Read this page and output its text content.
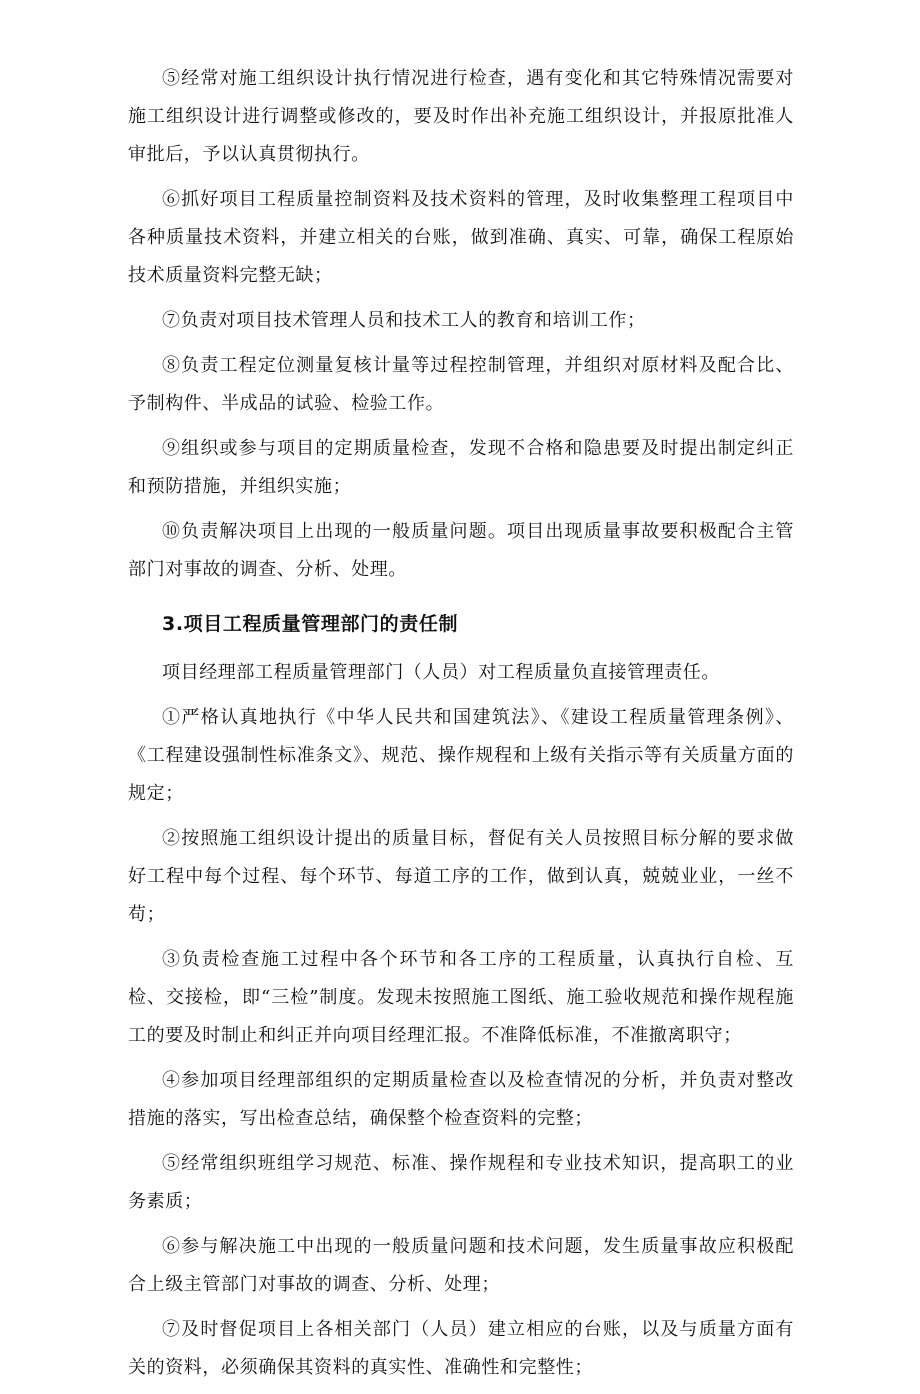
⑤经常对施工组织设计执行情况进行检查，遇有变化和其它特殊情况需要对施工组织设计进行调整或修改的，要及时作出补充施工组织设计，并报原批准人审批后，予以认真贯彻执行。

⑥抓好项目工程质量控制资料及技术资料的管理，及时收集整理工程项目中各种质量技术资料，并建立相关的台账，做到准确、真实、可靠，确保工程原始技术质量资料完整无缺；

⑦负责对项目技术管理人员和技术工人的教育和培训工作；

⑧负责工程定位测量复核计量等过程控制管理，并组织对原材料及配合比、予制构件、半成品的试验、检验工作。

⑨组织或参与项目的定期质量检查，发现不合格和隐患要及时提出制定纠正和预防措施，并组织实施；

⑩负责解决项目上出现的一般质量问题。项目出现质量事故要积极配合主管部门对事故的调查、分析、处理。

3.项目工程质量管理部门的责任制

项目经理部工程质量管理部门（人员）对工程质量负直接管理责任。

①严格认真地执行《中华人民共和国建筑法》、《建设工程质量管理条例》、《工程建设强制性标准条文》、规范、操作规程和上级有关指示等有关质量方面的规定；

②按照施工组织设计提出的质量目标，督促有关人员按照目标分解的要求做好工程中每个过程、每个环节、每道工序的工作，做到认真，兢兢业业，一丝不苟；

③负责检查施工过程中各个环节和各工序的工程质量，认真执行自检、互检、交接检，即“三检”制度。发现未按照施工图纸、施工验收规范和操作规程施工的要及时制止和纠正并向项目经理汇报。不准降低标准，不准撤离职守；

④参加项目经理部组织的定期质量检查以及检查情况的分析，并负责对整改措施的落实，写出检查总结，确保整个检查资料的完整；

⑤经常组织班组学习规范、标准、操作规程和专业技术知识，提高职工的业务素质；

⑥参与解决施工中出现的一般质量问题和技术问题，发生质量事故应积极配合上级主管部门对事故的调查、分析、处理；

⑦及时督促项目上各相关部门（人员）建立相应的台账，以及与质量方面有关的资料，必须确保其资料的真实性、准确性和完整性；
